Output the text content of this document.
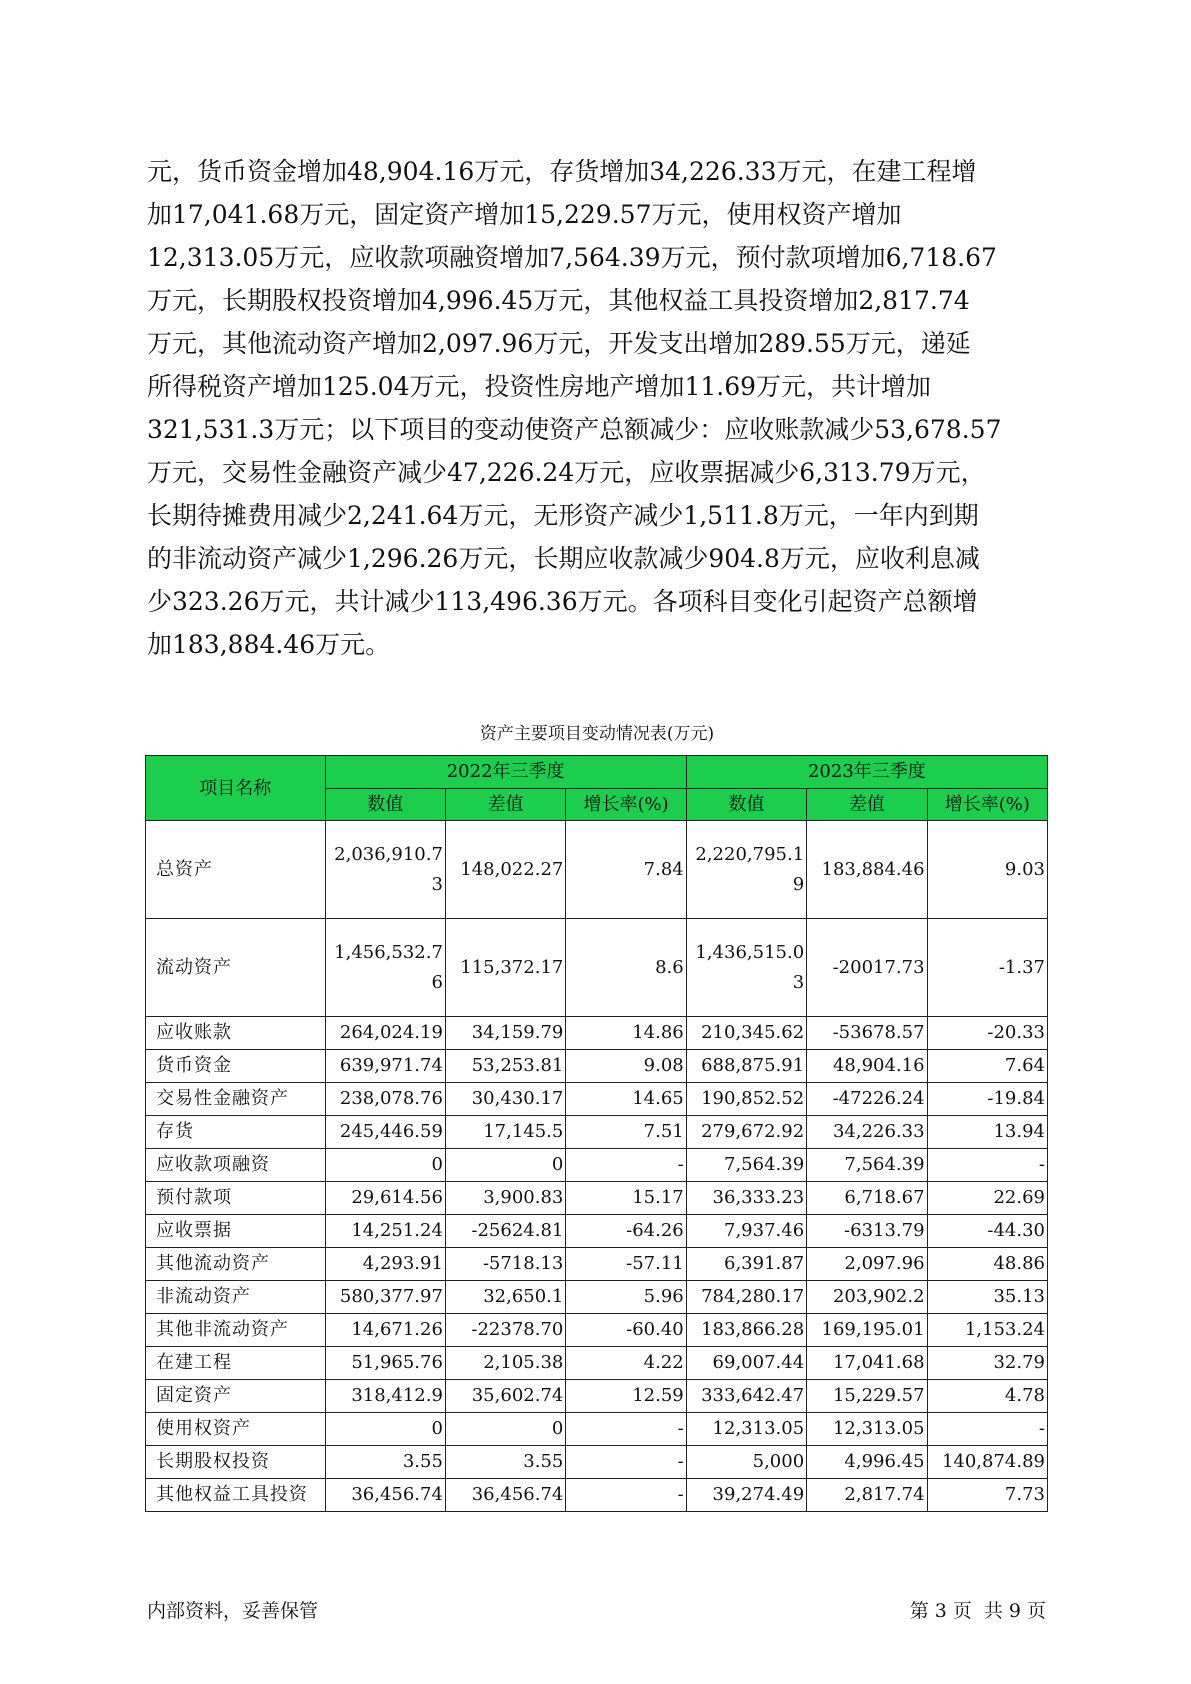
元，货币资金增加48,904.16万元，存货增加34,226.33万元，在建工程增
加17,041.68万元，固定资产增加15,229.57万元，使用权资产增加
12,313.05万元，应收款项融资增加7,564.39万元，预付款项增加6,718.67
万元，长期股权投资增加4,996.45万元，其他权益工具投资增加2,817.74
万元，其他流动资产增加2,097.96万元，开发支出增加289.55万元，递延
所得税资产增加125.04万元，投资性房地产增加11.69万元，共计增加
321,531.3万元；以下项目的变动使资产总额减少：应收账款减少53,678.57
万元，交易性金融资产减少47,226.24万元，应收票据减少6,313.79万元，
长期待摊费用减少2,241.64万元，无形资产减少1,511.8万元，一年内到期
的非流动资产减少1,296.26万元，长期应收款减少904.8万元，应收利息减
少323.26万元，共计减少113,496.36万元。各项科目变化引起资产总额增
加183,884.46万元。
资产主要项目变动情况表(万元)
项目名称	2022年三季度			2023年三季度		
	数值	差值	增长率(%)	数值	差值	增长率(%)
总资产	2,036,910.73	148,022.27	7.84	2,220,795.19	183,884.46	9.03
流动资产	1,456,532.76	115,372.17	8.6	1,436,515.03	-20017.73	-1.37
应收账款	264,024.19	34,159.79	14.86	210,345.62	-53678.57	-20.33
货币资金	639,971.74	53,253.81	9.08	688,875.91	48,904.16	7.64
交易性金融资产	238,078.76	30,430.17	14.65	190,852.52	-47226.24	-19.84
存货	245,446.59	17,145.5	7.51	279,672.92	34,226.33	13.94
应收款项融资	0	0	-	7,564.39	7,564.39	-
预付款项	29,614.56	3,900.83	15.17	36,333.23	6,718.67	22.69
应收票据	14,251.24	-25624.81	-64.26	7,937.46	-6313.79	-44.30
其他流动资产	4,293.91	-5718.13	-57.11	6,391.87	2,097.96	48.86
非流动资产	580,377.97	32,650.1	5.96	784,280.17	203,902.2	35.13
其他非流动资产	14,671.26	-22378.70	-60.40	183,866.28	169,195.01	1,153.24
在建工程	51,965.76	2,105.38	4.22	69,007.44	17,041.68	32.79
固定资产	318,412.9	35,602.74	12.59	333,642.47	15,229.57	4.78
使用权资产	0	0	-	12,313.05	12,313.05	-
长期股权投资	3.55	3.55	-	5,000	4,996.45	140,874.89
其他权益工具投资	36,456.74	36,456.74	-	39,274.49	2,817.74	7.73
内部资料，妥善保管	第 3 页 共 9 页
